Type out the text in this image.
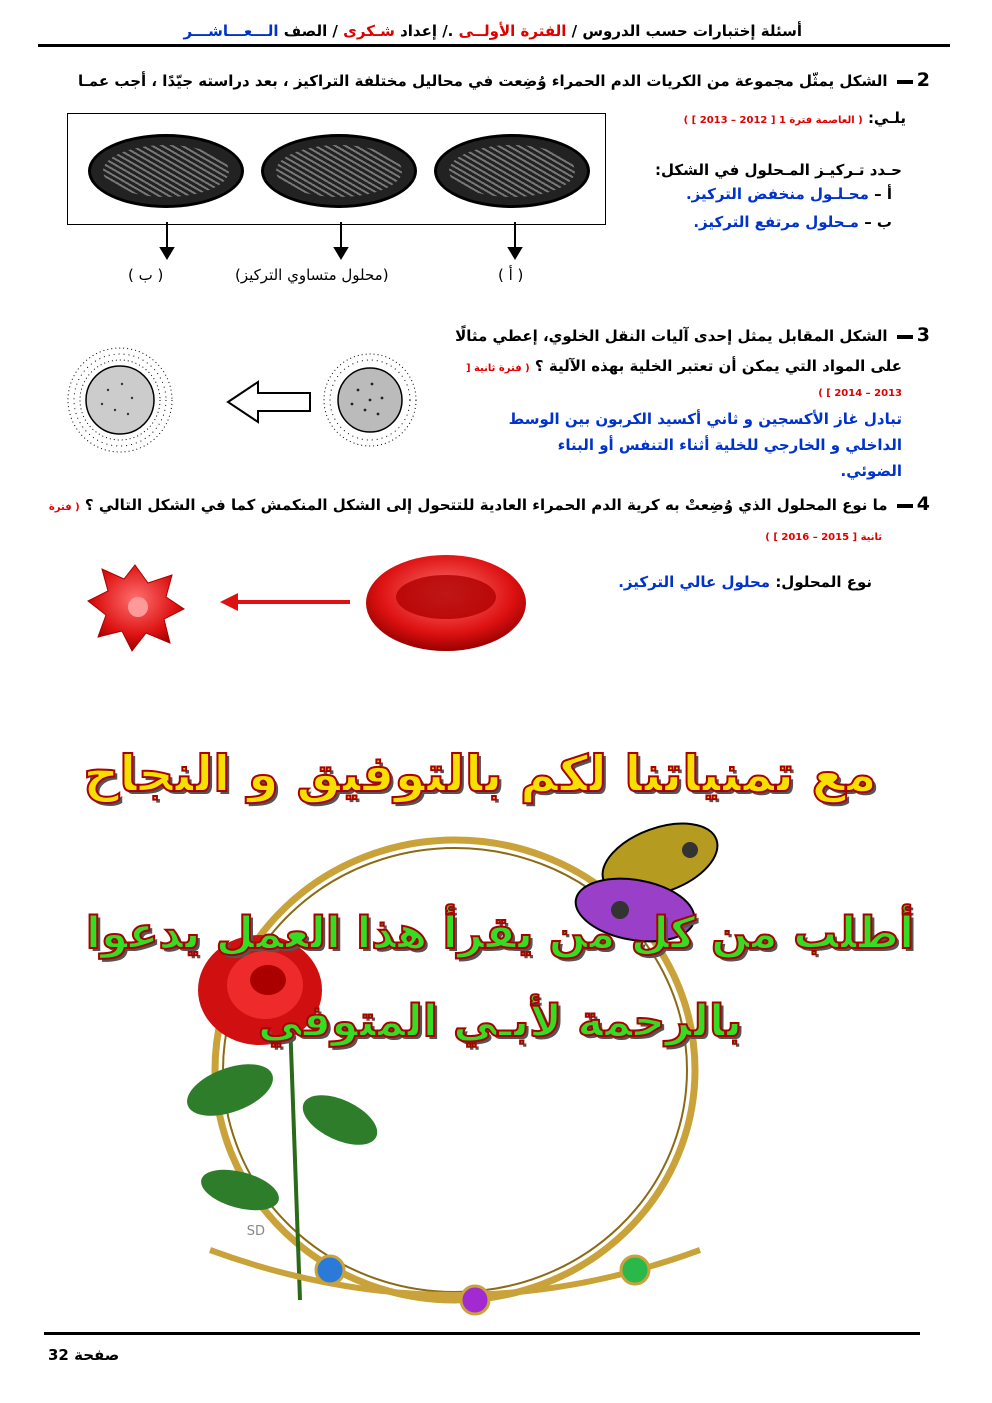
أسئلة إختبارات حسب الدروس / الفترة الأولــى ./ إعداد شـكرى / الصف الـــعـــاشـــر
2 الشكل يمثّل مجموعة من الكريات الدم الحمراء وُضِعت في محاليل مختلفة التراكيز ، بعد دراسته جيّدًا ، أجب عمـا
يلـي: ( العاصمة فترة 1 [ 2012 – 2013 ] )
( ب )	(محلول متساوي التركيز)	( أ )
حـدد تـركيـز المـحلول في الشكل:
أ – محـلـول منخفض التركيز.
ب – مـحلول مرتفع التركيز.
3 الشكل المقابل يمثل إحدى آليات النقل الخلوي، إعطي مثالًا
على المواد التي يمكن أن تعتبر الخلية بهذه الآلية ؟ ( فترة ثانية [
2013 – 2014 ] )
تبادل غاز الأكسجين و ثاني أكسيد الكربون بين الوسط الداخلي و الخارجي للخلية أثناء التنفس أو البناء الضوئي.
4 ما نوع المحلول الذي وُضِعتْ به كرية الدم الحمراء العادية للتتحول إلى الشكل المنكمش كما في الشكل التالي ؟ ( فترة
ثانية [ 2015 – 2016 ] )
نوع المحلول: محلول عالي التركيز.
مع تمنياتنا لكم بالتوفيق و النجاح
SD
أطلب من كل من يقرأ هذا العمل يدعوا بالرحمة لأبـي المتوفي
صفحة 32
